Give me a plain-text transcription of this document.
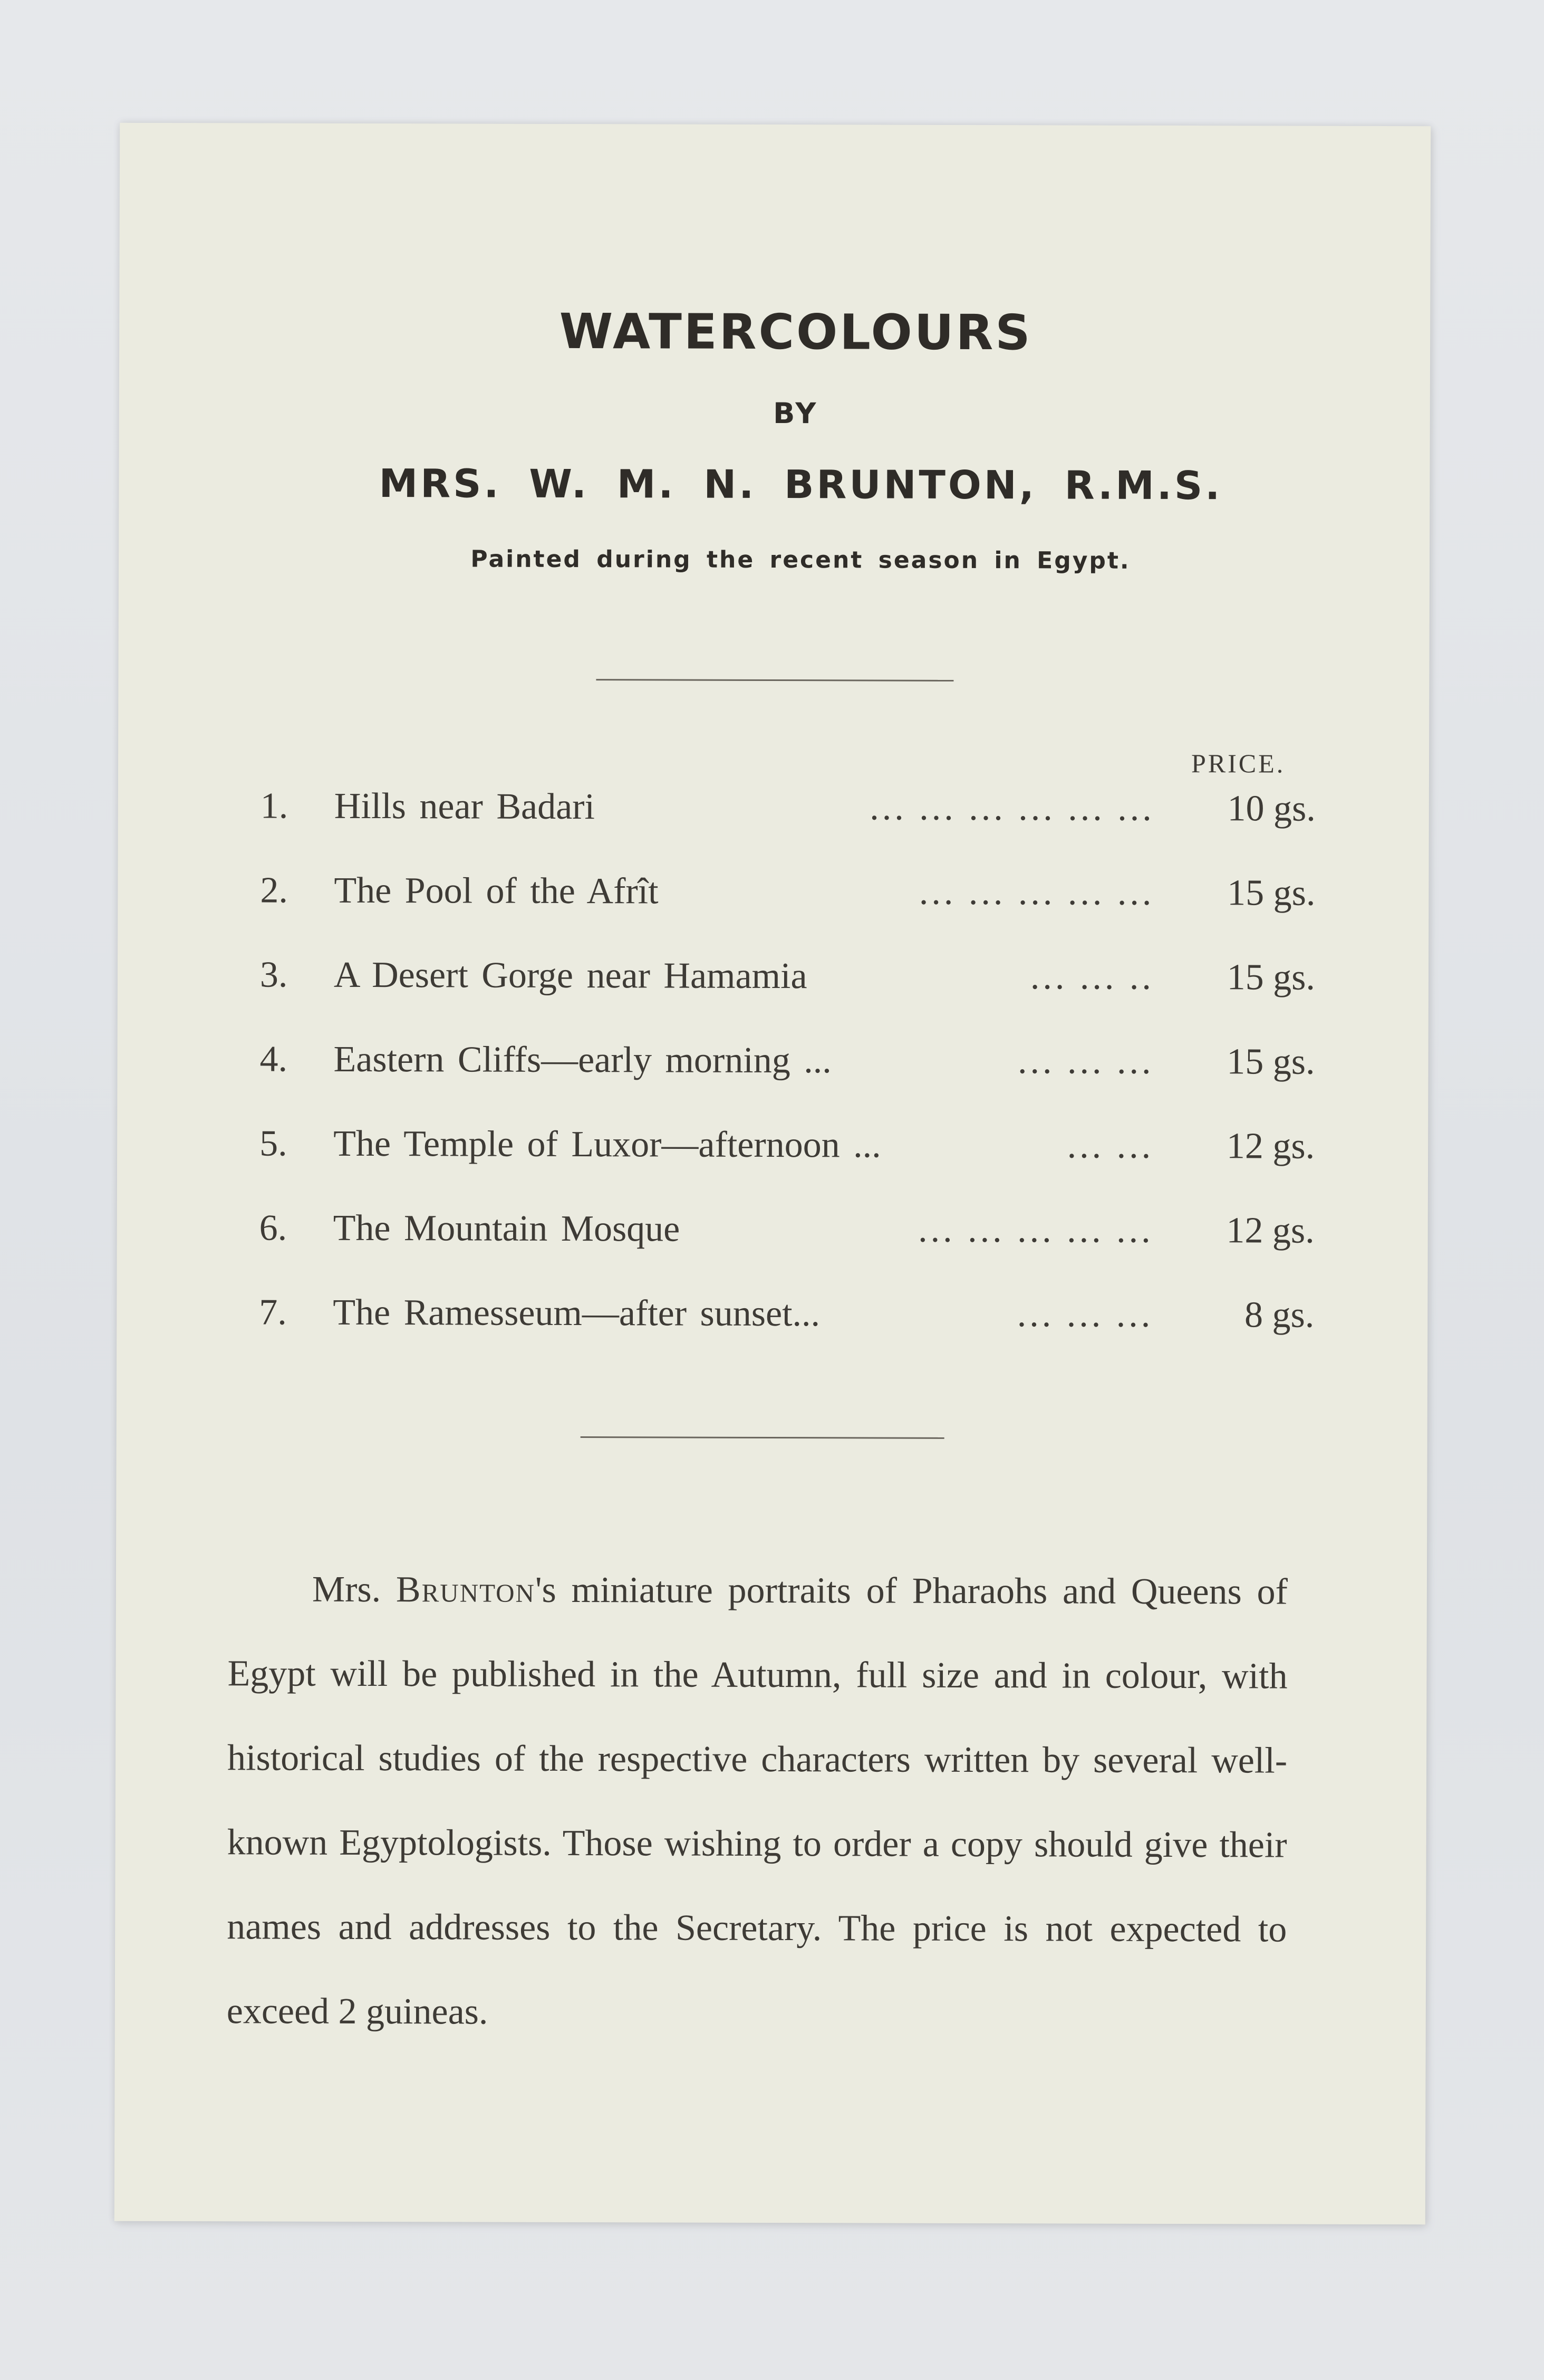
WATERCOLOURS
BY
MRS. W. M. N. BRUNTON, R.M.S.
Painted during the recent season in Egypt.
PRICE.
1.	Hills near Badari	... ... ... ... ... ... 10 gs.
2.	The Pool of the Afrît	... ... ... ... ... 15 gs.
3.	A Desert Gorge near Hamamia	... ... .. 15 gs.
4.	Eastern Cliffs—early morning ...	... ... ... 15 gs.
5.	The Temple of Luxor—afternoon ...	... ... 12 gs.
6.	The Mountain Mosque	... ... ... ... ... 12 gs.
7.	The Ramesseum—after sunset...	... ... ... 8 gs.

Mrs. Brunton's miniature portraits of Pharaohs and Queens of Egypt will be published in the Autumn, full size and in colour, with historical studies of the respective characters written by several well-known Egyptologists. Those wishing to order a copy should give their names and addresses to the Secretary. The price is not expected to exceed 2 guineas.
